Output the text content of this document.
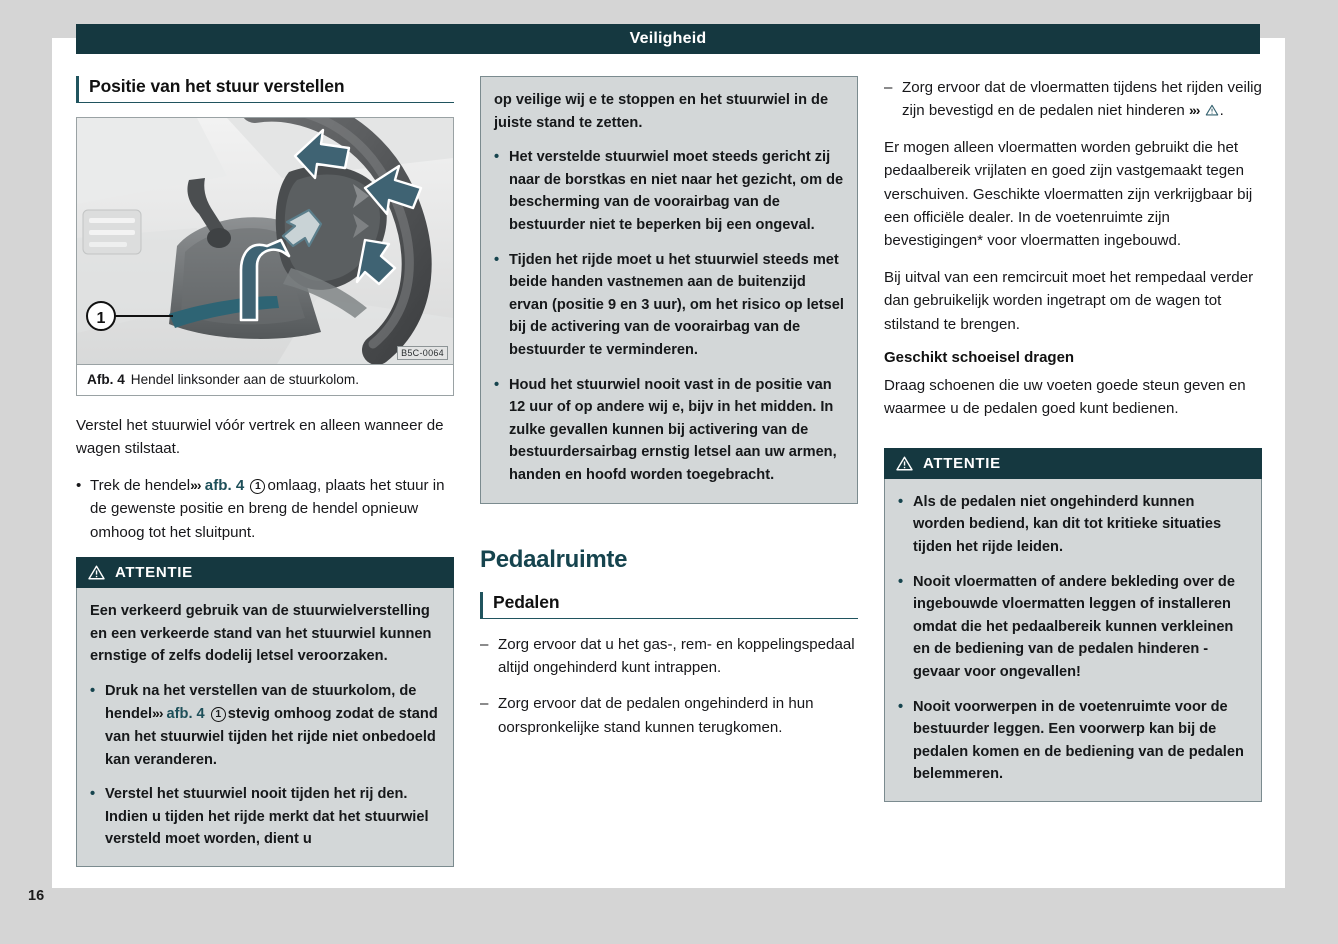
Veiligheid
16
Positie van het stuur verstellen
1
B5C-0064
Afb. 4 Hendel linksonder aan de stuurkolom.

Verstel het stuurwiel vóór vertrek en alleen wanneer de wagen stilstaat.

• Trek de hendel»› afb. 4 1 omlaag, plaats het stuur in de gewenste positie en breng de hendel opnieuw omhoog tot het sluitpunt.
ATTENTIE

Een verkeerd gebruik van de stuurwielverstelling en een verkeerde stand van het stuurwiel kunnen ernstige of zelfs dodelij letsel veroorzaken.

• Druk na het verstellen van de stuurkolom, de hendel»› afb. 4 1 stevig omhoog zodat de stand van het stuurwiel tijden het rijde niet onbedoeld kan veranderen.
• Verstel het stuurwiel nooit tijden het rij den. Indien u tijden het rijde merkt dat het stuurwiel versteld moet worden, dient u

op veilige wij e te stoppen en het stuurwiel in de juiste stand te zetten.

• Het verstelde stuurwiel moet steeds gericht zij naar de borstkas en niet naar het gezicht, om de bescherming van de voorairbag van de bestuurder niet te beperken bij een ongeval.
• Tijden het rijde moet u het stuurwiel steeds met beide handen vastnemen aan de buitenzijd ervan (positie 9 en 3 uur), om het risico op letsel bij de activering van de voorairbag van de bestuurder te verminderen.
• Houd het stuurwiel nooit vast in de positie van 12 uur of op andere wij e, bijv in het midden. In zulke gevallen kunnen bij activering van de bestuurdersairbag ernstig letsel aan uw armen, handen en hoofd worden toegebracht.
Pedaalruimte
Pedalen
– Zorg ervoor dat u het gas-, rem- en koppelingspedaal altijd ongehinderd kunt intrappen.
– Zorg ervoor dat de pedalen ongehinderd in hun oorspronkelijke stand kunnen terugkomen.
– Zorg ervoor dat de vloermatten tijdens het rijden veilig zijn bevestigd en de pedalen niet hinderen »› .

Er mogen alleen vloermatten worden gebruikt die het pedaalbereik vrijlaten en goed zijn vastgemaakt tegen verschuiven. Geschikte vloermatten zijn verkrijgbaar bij een officiële dealer. In de voetenruimte zijn bevestigingen* voor vloermatten ingebouwd.

Bij uitval van een remcircuit moet het rempedaal verder dan gebruikelijk worden ingetrapt om de wagen tot stilstand te brengen.

Geschikt schoeisel dragen

Draag schoenen die uw voeten goede steun geven en waarmee u de pedalen goed kunt bedienen.

ATTENTIE
• Als de pedalen niet ongehinderd kunnen worden bediend, kan dit tot kritieke situaties tijden het rijde leiden.
• Nooit vloermatten of andere bekleding over de ingebouwde vloermatten leggen of installeren omdat die het pedaalbereik kunnen verkleinen en de bediening van de pedalen hinderen - gevaar voor ongevallen!
• Nooit voorwerpen in de voetenruimte voor de bestuurder leggen. Een voorwerp kan bij de pedalen komen en de bediening van de pedalen belemmeren.
